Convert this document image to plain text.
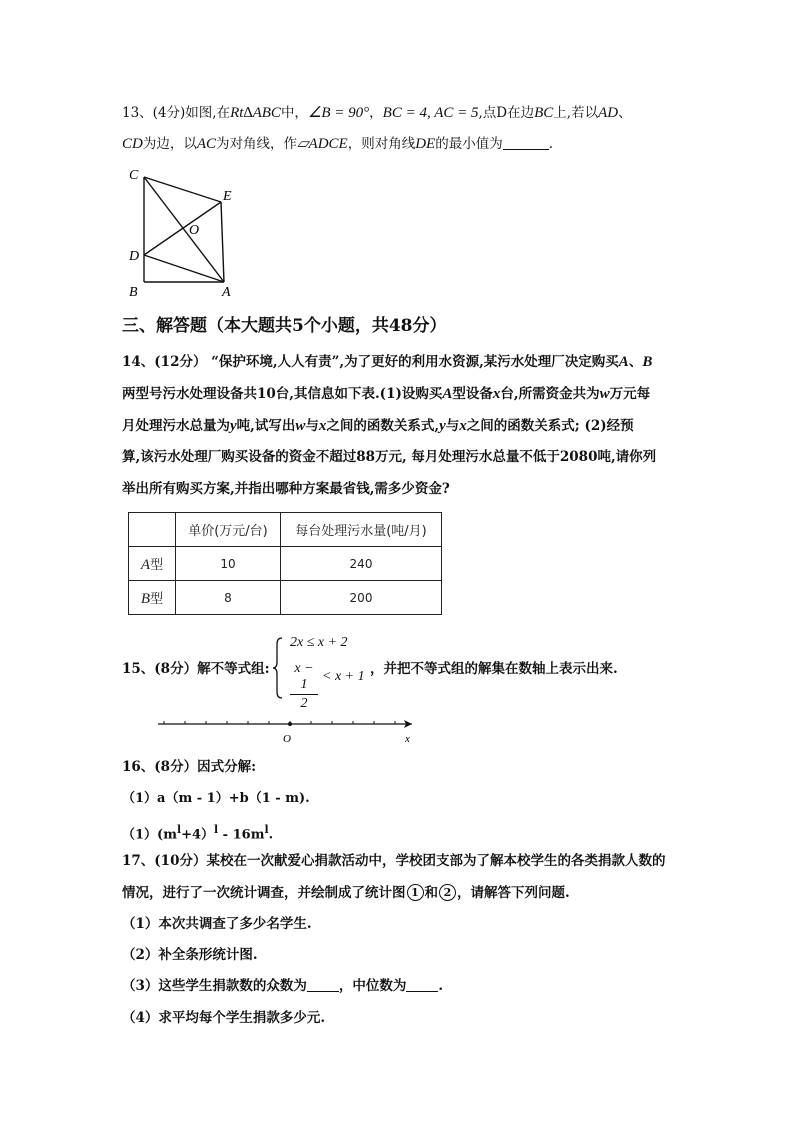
13、(4分)如图,在Rt∆ABC中，∠B = 90°，BC = 4, AC = 5,点D在边BC上,若以AD、
CD为边，以AC为对角线，作▱ADCE，则对角线DE的最小值为	.
C
E
O
D
B	A
三、解答题（本大题共5个小题，共48分）
14、(12分） “保护环境,人人有责”,为了更好的利用水资源,某污水处理厂决定购买A、B
两型号污水处理设备共10台,其信息如下表.(1)设购买A型设备x台,所需资金共为w万元每
月处理污水总量为y吨,试写出w与x之间的函数关系式,y与x之间的函数关系式; (2)经预
算,该污水处理厂购买设备的资金不超过88万元, 每月处理污水总量不低于2080吨,请你列
举出所有购买方案,并指出哪种方案最省钱,需多少资金?
	单价(万元/台)	每台处理污水量(吨/月)
A型	10	240
B型	8	200
15、(8分）解不等式组:
2x ≤ x + 2
x − 1
2
< x + 1 ，并把不等式组的解集在数轴上表示出来.
O	x
16、(8分）因式分解:
（1）a（m - 1）+b（1 - m).
$(1)(m^l+4)^l - 16m^l$.
17、(10分）某校在一次献爱心捐款活动中，学校团支部为了解本校学生的各类捐款人数的
情况，进行了一次统计调查，并绘制成了统计图 1 和 2 ，请解答下列问题.
（1）本次共调查了多少名学生.
（2）补全条形统计图.
（3）这些学生捐款数的众数为 ，中位数为 .
（4）求平均每个学生捐款多少元.
